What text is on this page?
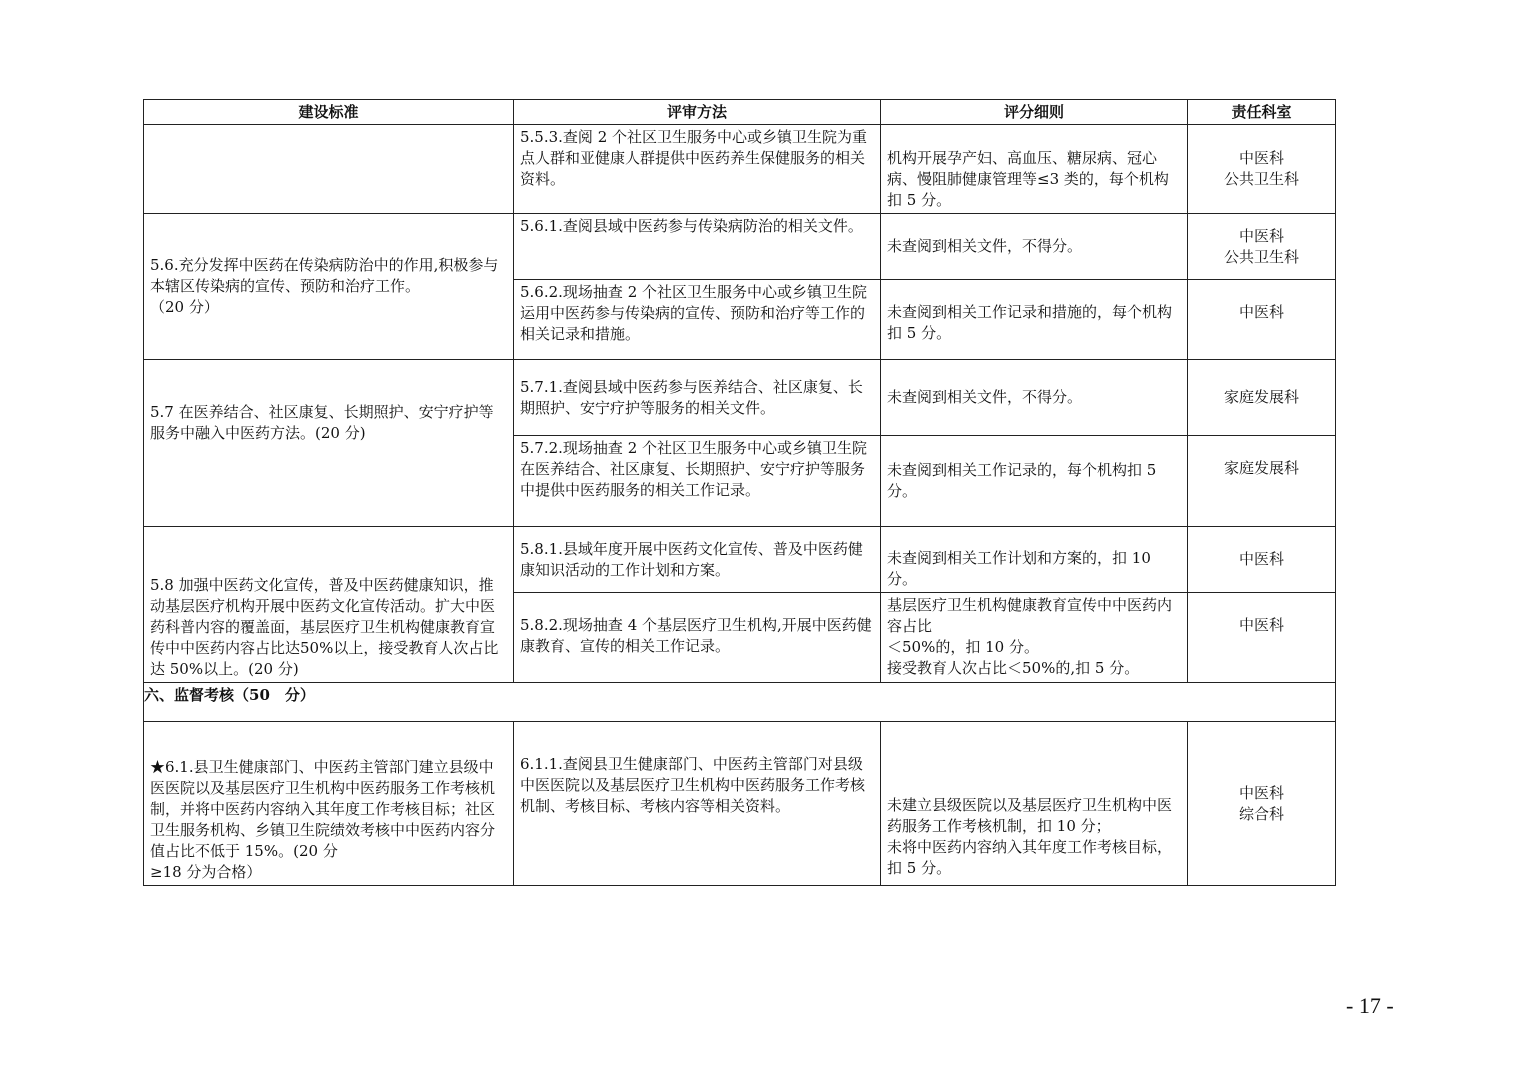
建设标准	评审方法	评分细则	责任科室
	5.5.3.查阅 2 个社区卫生服务中心或乡镇卫生院为重点人群和亚健康人群提供中医药养生保健服务的相关资料。	机构开展孕产妇、高血压、糖尿病、冠心病、慢阻肺健康管理等≤3 类的，每个机构扣 5 分。	中医科
公共卫生科
5.6.充分发挥中医药在传染病防治中的作用,积极参与本辖区传染病的宣传、预防和治疗工作。
（20 分）	5.6.1.查阅县域中医药参与传染病防治的相关文件。	未查阅到相关文件，不得分。	中医科
公共卫生科
	5.6.2.现场抽查 2 个社区卫生服务中心或乡镇卫生院运用中医药参与传染病的宣传、预防和治疗等工作的相关记录和措施。	未查阅到相关工作记录和措施的，每个机构扣 5 分。	中医科
5.7 在医养结合、社区康复、长期照护、安宁疗护等服务中融入中医药方法。(20 分)	5.7.1.查阅县域中医药参与医养结合、社区康复、长期照护、安宁疗护等服务的相关文件。	未查阅到相关文件，不得分。	家庭发展科
	5.7.2.现场抽查 2 个社区卫生服务中心或乡镇卫生院在医养结合、社区康复、长期照护、安宁疗护等服务中提供中医药服务的相关工作记录。	未查阅到相关工作记录的，每个机构扣 5 分。	家庭发展科
5.8 加强中医药文化宣传，普及中医药健康知识，推动基层医疗机构开展中医药文化宣传活动。扩大中医药科普内容的覆盖面，基层医疗卫生机构健康教育宣传中中医药内容占比达50%以上，接受教育人次占比达 50%以上。(20 分)	5.8.1.县域年度开展中医药文化宣传、普及中医药健康知识活动的工作计划和方案。	未查阅到相关工作计划和方案的，扣 10 分。	中医科
	5.8.2.现场抽查 4 个基层医疗卫生机构,开展中医药健康教育、宣传的相关工作记录。	基层医疗卫生机构健康教育宣传中中医药内容占比
＜50%的，扣 10 分。
接受教育人次占比＜50%的,扣 5 分。	中医科
六、监督考核（50　分）			
★6.1.县卫生健康部门、中医药主管部门建立县级中医医院以及基层医疗卫生机构中医药服务工作考核机制，并将中医药内容纳入其年度工作考核目标；社区卫生服务机构、乡镇卫生院绩效考核中中医药内容分值占比不低于 15%。(20 分
≥18 分为合格）	6.1.1.查阅县卫生健康部门、中医药主管部门对县级中医医院以及基层医疗卫生机构中医药服务工作考核机制、考核目标、考核内容等相关资料。	未建立县级医院以及基层医疗卫生机构中医药服务工作考核机制，扣 10 分；
未将中医药内容纳入其年度工作考核目标，扣 5 分。	中医科
综合科
- 17 -
